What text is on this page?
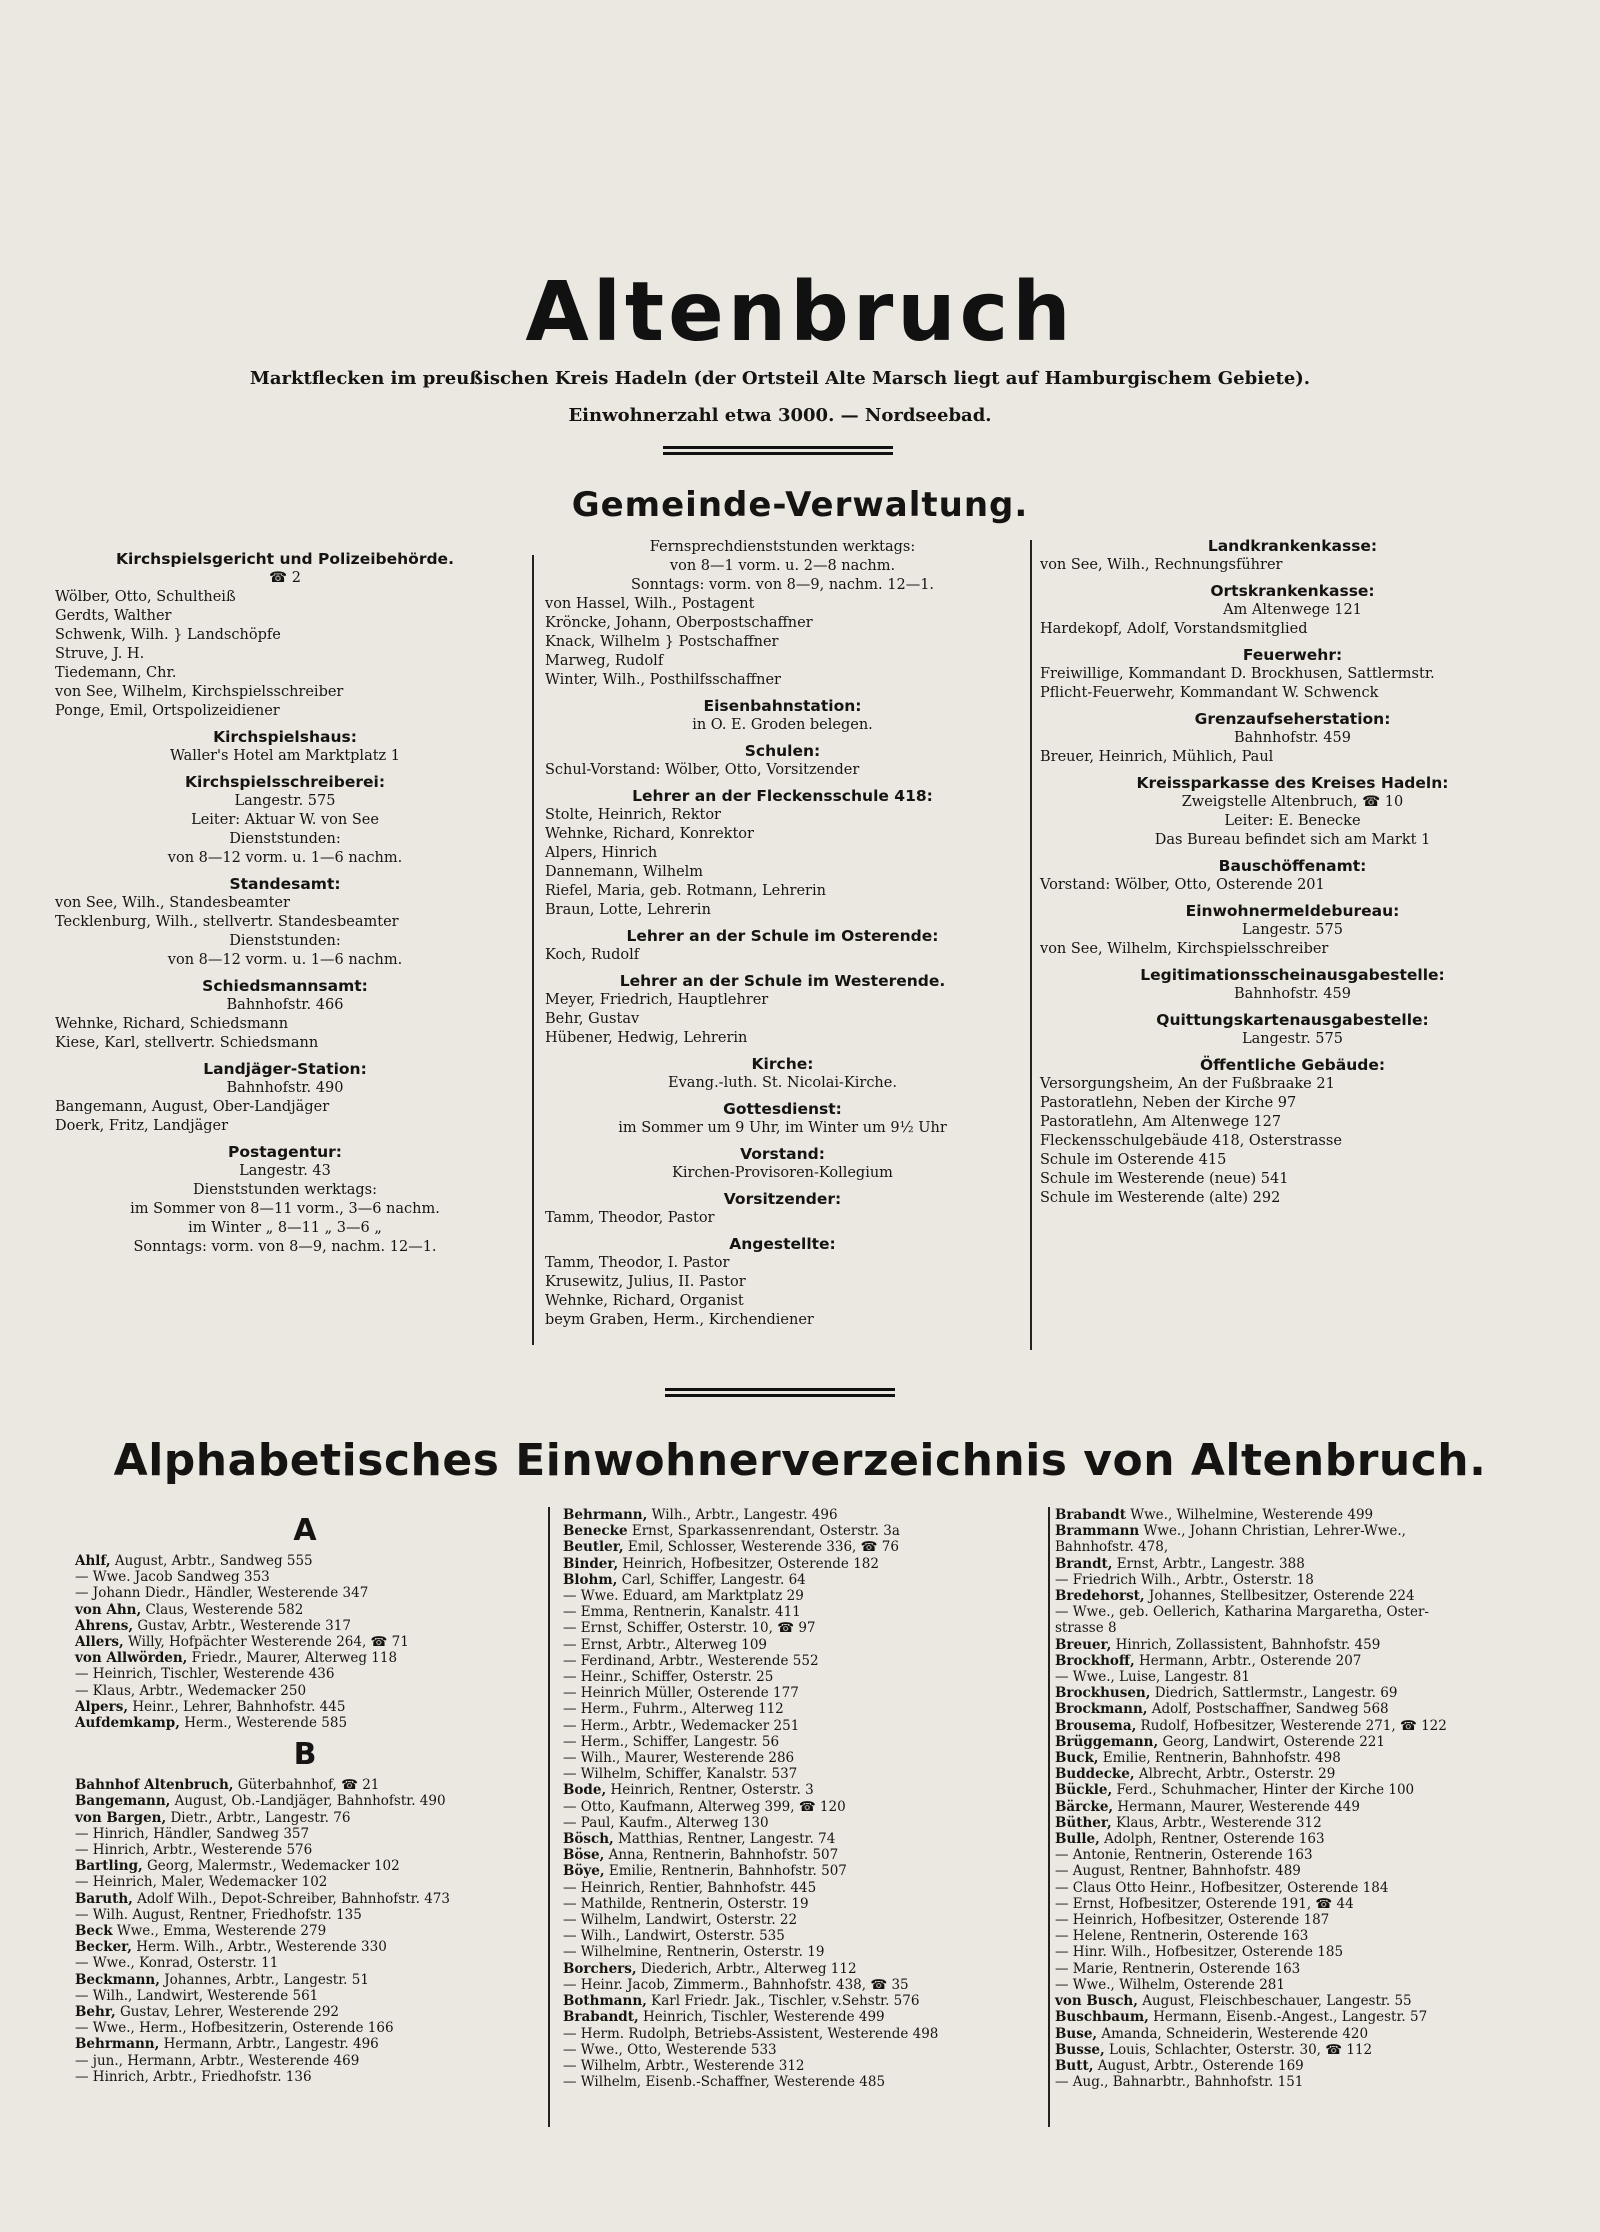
Altenbruch
Marktflecken im preußischen Kreis Hadeln (der Ortsteil Alte Marsch liegt auf Hamburgischem Gebiete).
Einwohnerzahl etwa 3000. — Nordseebad.
Gemeinde-Verwaltung.
Kirchspielsgericht und Polizeibehörde.
☎ 2
Wölber, Otto, Schultheiß
Gerdts, Walther
Schwenk, Wilh. } Landschöpfe
Struve, J. H.
Tiedemann, Chr.
von See, Wilhelm, Kirchspielsschreiber
Ponge, Emil, Ortspolizeidiener
Kirchspielshaus:
Waller's Hotel am Marktplatz 1
Kirchspielsschreiberei:
Langestr. 575
Leiter: Aktuar W. von See
Dienststunden:
von 8—12 vorm. u. 1—6 nachm.
Standesamt:
von See, Wilh., Standesbeamter
Tecklenburg, Wilh., stellvertr. Standesbeamter
Dienststunden:
von 8—12 vorm. u. 1—6 nachm.
Schiedsmannsamt:
Bahnhofstr. 466
Wehnke, Richard, Schiedsmann
Kiese, Karl, stellvertr. Schiedsmann
Landjäger-Station:
Bahnhofstr. 490
Bangemann, August, Ober-Landjäger
Doerk, Fritz, Landjäger
Postagentur:
Langestr. 43
Dienststunden werktags:
im Sommer von 8—11 vorm., 3—6 nachm.
im Winter „ 8—11 „ 3—6 „
Sonntags: vorm. von 8—9, nachm. 12—1.
Fernsprechdienststunden werktags:
von 8—1 vorm. u. 2—8 nachm.
Sonntags: vorm. von 8—9, nachm. 12—1.
von Hassel, Wilh., Postagent
Kröncke, Johann, Oberpostschaffner
Knack, Wilhelm } Postschaffner
Marweg, Rudolf
Winter, Wilh., Posthilfsschaffner
Eisenbahnstation:
in O. E. Groden belegen.
Schulen:
Schul-Vorstand: Wölber, Otto, Vorsitzender
Lehrer an der Fleckensschule 418:
Stolte, Heinrich, Rektor
Wehnke, Richard, Konrektor
Alpers, Hinrich
Dannemann, Wilhelm
Riefel, Maria, geb. Rotmann, Lehrerin
Braun, Lotte, Lehrerin
Lehrer an der Schule im Osterende:
Koch, Rudolf
Lehrer an der Schule im Westerende.
Meyer, Friedrich, Hauptlehrer
Behr, Gustav
Hübener, Hedwig, Lehrerin
Kirche:
Evang.-luth. St. Nicolai-Kirche.
Gottesdienst:
im Sommer um 9 Uhr, im Winter um 9½ Uhr
Vorstand:
Kirchen-Provisoren-Kollegium
Vorsitzender:
Tamm, Theodor, Pastor
Angestellte:
Tamm, Theodor, I. Pastor
Krusewitz, Julius, II. Pastor
Wehnke, Richard, Organist
beym Graben, Herm., Kirchendiener
Landkrankenkasse:
von See, Wilh., Rechnungsführer
Ortskrankenkasse:
Am Altenwege 121
Hardekopf, Adolf, Vorstandsmitglied
Feuerwehr:
Freiwillige, Kommandant D. Brockhusen, Sattlermstr.
Pflicht-Feuerwehr, Kommandant W. Schwenck
Grenzaufseherstation:
Bahnhofstr. 459
Breuer, Heinrich, Mühlich, Paul
Kreissparkasse des Kreises Hadeln:
Zweigstelle Altenbruch, ☎ 10
Leiter: E. Benecke
Das Bureau befindet sich am Markt 1
Bauschöffenamt:
Vorstand: Wölber, Otto, Osterende 201
Einwohnermeldebureau:
Langestr. 575
von See, Wilhelm, Kirchspielsschreiber
Legitimationsscheinausgabestelle:
Bahnhofstr. 459
Quittungskartenausgabestelle:
Langestr. 575
Öffentliche Gebäude:
Versorgungsheim, An der Fußbraake 21
Pastoratlehn, Neben der Kirche 97
Pastoratlehn, Am Altenwege 127
Fleckensschulgebäude 418, Osterstrasse
Schule im Osterende 415
Schule im Westerende (neue) 541
Schule im Westerende (alte) 292
Alphabetisches Einwohnerverzeichnis von Altenbruch.
A
Ahlf, August, Arbtr., Sandweg 555
— Wwe. Jacob Sandweg 353
— Johann Diedr., Händler, Westerende 347
von Ahn, Claus, Westerende 582
Ahrens, Gustav, Arbtr., Westerende 317
Allers, Willy, Hofpächter Westerende 264, ☎ 71
von Allwörden, Friedr., Maurer, Alterweg 118
— Heinrich, Tischler, Westerende 436
— Klaus, Arbtr., Wedemacker 250
Alpers, Heinr., Lehrer, Bahnhofstr. 445
Aufdemkamp, Herm., Westerende 585
B
Bahnhof Altenbruch, Güterbahnhof, ☎ 21
Bangemann, August, Ob.-Landjäger, Bahnhofstr. 490
von Bargen, Dietr., Arbtr., Langestr. 76
— Hinrich, Händler, Sandweg 357
— Hinrich, Arbtr., Westerende 576
Bartling, Georg, Malermstr., Wedemacker 102
— Heinrich, Maler, Wedemacker 102
Baruth, Adolf Wilh., Depot-Schreiber, Bahnhofstr. 473
— Wilh. August, Rentner, Friedhofstr. 135
Beck Wwe., Emma, Westerende 279
Becker, Herm. Wilh., Arbtr., Westerende 330
— Wwe., Konrad, Osterstr. 11
Beckmann, Johannes, Arbtr., Langestr. 51
— Wilh., Landwirt, Westerende 561
Behr, Gustav, Lehrer, Westerende 292
— Wwe., Herm., Hofbesitzerin, Osterende 166
Behrmann, Hermann, Arbtr., Langestr. 496
— jun., Hermann, Arbtr., Westerende 469
— Hinrich, Arbtr., Friedhofstr. 136
Behrmann, Wilh., Arbtr., Langestr. 496
Benecke Ernst, Sparkassenrendant, Osterstr. 3a
Beutler, Emil, Schlosser, Westerende 336, ☎ 76
Binder, Heinrich, Hofbesitzer, Osterende 182
Blohm, Carl, Schiffer, Langestr. 64
— Wwe. Eduard, am Marktplatz 29
— Emma, Rentnerin, Kanalstr. 411
— Ernst, Schiffer, Osterstr. 10, ☎ 97
— Ernst, Arbtr., Alterweg 109
— Ferdinand, Arbtr., Westerende 552
— Heinr., Schiffer, Osterstr. 25
— Heinrich Müller, Osterende 177
— Herm., Fuhrm., Alterweg 112
— Herm., Arbtr., Wedemacker 251
— Herm., Schiffer, Langestr. 56
— Wilh., Maurer, Westerende 286
— Wilhelm, Schiffer, Kanalstr. 537
Bode, Heinrich, Rentner, Osterstr. 3
— Otto, Kaufmann, Alterweg 399, ☎ 120
— Paul, Kaufm., Alterweg 130
Bösch, Matthias, Rentner, Langestr. 74
Böse, Anna, Rentnerin, Bahnhofstr. 507
Böye, Emilie, Rentnerin, Bahnhofstr. 507
— Heinrich, Rentier, Bahnhofstr. 445
— Mathilde, Rentnerin, Osterstr. 19
— Wilhelm, Landwirt, Osterstr. 22
— Wilh., Landwirt, Osterstr. 535
— Wilhelmine, Rentnerin, Osterstr. 19
Borchers, Diederich, Arbtr., Alterweg 112
— Heinr. Jacob, Zimmerm., Bahnhofstr. 438, ☎ 35
Bothmann, Karl Friedr. Jak., Tischler, v.Sehstr. 576
Brabandt, Heinrich, Tischler, Westerende 499
— Herm. Rudolph, Betriebs-Assistent, Westerende 498
— Wwe., Otto, Westerende 533
— Wilhelm, Arbtr., Westerende 312
— Wilhelm, Eisenb.-Schaffner, Westerende 485
Brabandt Wwe., Wilhelmine, Westerende 499
Brammann Wwe., Johann Christian, Lehrer-Wwe.,
Bahnhofstr. 478,
Brandt, Ernst, Arbtr., Langestr. 388
— Friedrich Wilh., Arbtr., Osterstr. 18
Bredehorst, Johannes, Stellbesitzer, Osterende 224
— Wwe., geb. Oellerich, Katharina Margaretha, Oster-
strasse 8
Breuer, Hinrich, Zollassistent, Bahnhofstr. 459
Brockhoff, Hermann, Arbtr., Osterende 207
— Wwe., Luise, Langestr. 81
Brockhusen, Diedrich, Sattlermstr., Langestr. 69
Brockmann, Adolf, Postschaffner, Sandweg 568
Brousema, Rudolf, Hofbesitzer, Westerende 271, ☎ 122
Brüggemann, Georg, Landwirt, Osterende 221
Buck, Emilie, Rentnerin, Bahnhofstr. 498
Buddecke, Albrecht, Arbtr., Osterstr. 29
Bückle, Ferd., Schuhmacher, Hinter der Kirche 100
Bärcke, Hermann, Maurer, Westerende 449
Büther, Klaus, Arbtr., Westerende 312
Bulle, Adolph, Rentner, Osterende 163
— Antonie, Rentnerin, Osterende 163
— August, Rentner, Bahnhofstr. 489
— Claus Otto Heinr., Hofbesitzer, Osterende 184
— Ernst, Hofbesitzer, Osterende 191, ☎ 44
— Heinrich, Hofbesitzer, Osterende 187
— Helene, Rentnerin, Osterende 163
— Hinr. Wilh., Hofbesitzer, Osterende 185
— Marie, Rentnerin, Osterende 163
— Wwe., Wilhelm, Osterende 281
von Busch, August, Fleischbeschauer, Langestr. 55
Buschbaum, Hermann, Eisenb.-Angest., Langestr. 57
Buse, Amanda, Schneiderin, Westerende 420
Busse, Louis, Schlachter, Osterstr. 30, ☎ 112
Butt, August, Arbtr., Osterende 169
— Aug., Bahnarbtr., Bahnhofstr. 151
